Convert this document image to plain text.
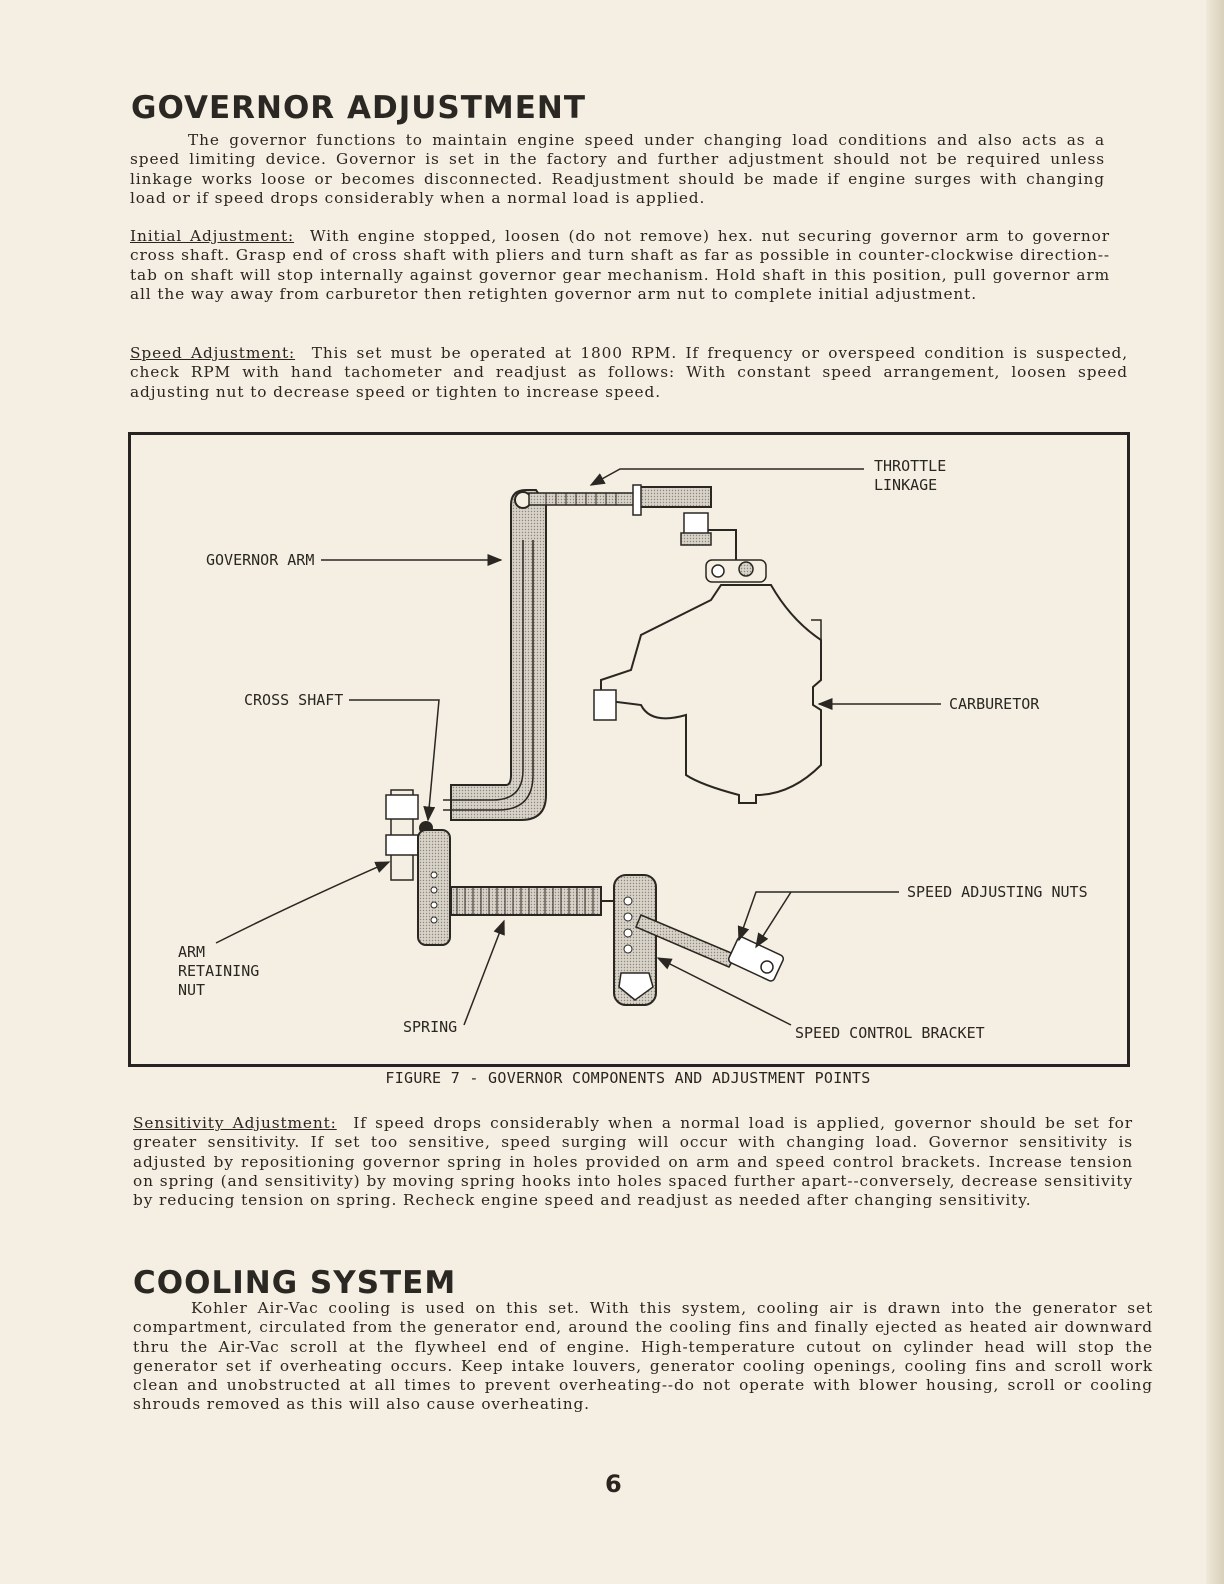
GOVERNOR ADJUSTMENT

The governor functions to maintain engine speed under changing load conditions and also acts as a speed limiting device. Governor is set in the factory and further adjustment should not be required unless linkage works loose or becomes disconnected. Readjustment should be made if engine surges with changing load or if speed drops considerably when a normal load is applied.

Initial Adjustment: With engine stopped, loosen (do not remove) hex. nut securing governor arm to governor cross shaft. Grasp end of cross shaft with pliers and turn shaft as far as possible in counter-clockwise direction--tab on shaft will stop internally against governor gear mechanism. Hold shaft in this position, pull governor arm all the way away from carburetor then retighten governor arm nut to complete initial adjustment.

Speed Adjustment: This set must be operated at 1800 RPM. If frequency or overspeed condition is suspected, check RPM with hand tachometer and readjust as follows: With constant speed arrangement, loosen speed adjusting nut to decrease speed or tighten to increase speed.

THROTTLE
LINKAGE
GOVERNOR ARM
CROSS SHAFT	CARBURETOR
SPEED ADJUSTING NUTS
ARM
RETAINING
NUT
SPRING	SPEED CONTROL BRACKET
FIGURE 7 - GOVERNOR COMPONENTS AND ADJUSTMENT POINTS

Sensitivity Adjustment: If speed drops considerably when a normal load is applied, governor should be set for greater sensitivity. If set too sensitive, speed surging will occur with changing load. Governor sensitivity is adjusted by repositioning governor spring in holes provided on arm and speed control brackets. Increase tension on spring (and sensitivity) by moving spring hooks into holes spaced further apart--conversely, decrease sensitivity by reducing tension on spring. Recheck engine speed and readjust as needed after changing sensitivity.

COOLING SYSTEM

Kohler Air-Vac cooling is used on this set. With this system, cooling air is drawn into the generator set compartment, circulated from the generator end, around the cooling fins and finally ejected as heated air downward thru the Air-Vac scroll at the flywheel end of engine. High-temperature cutout on cylinder head will stop the generator set if overheating occurs. Keep intake louvers, generator cooling openings, cooling fins and scroll work clean and unobstructed at all times to prevent overheating--do not operate with blower housing, scroll or cooling shrouds removed as this will also cause overheating.

6
